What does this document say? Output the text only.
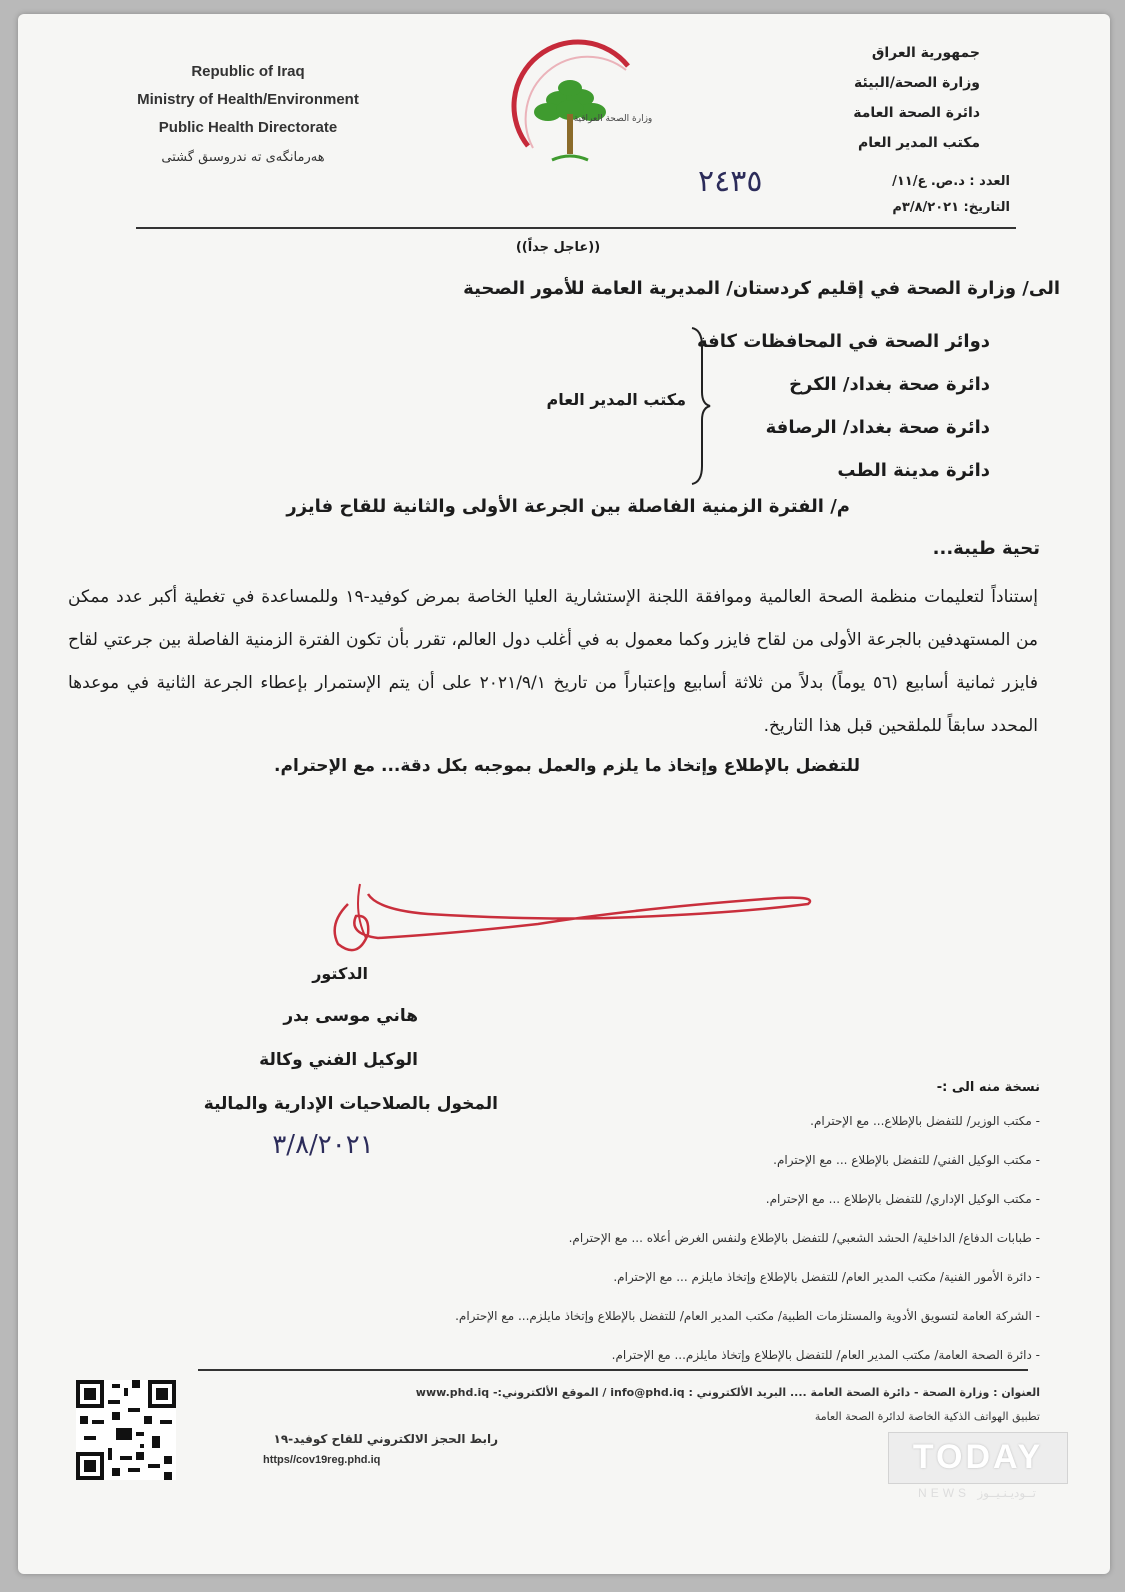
Republic of Iraq
Ministry of Health/Environment
Public Health Directorate
هەرمانگەی تە ندروسىق گشتى
وزارة الصحة العراقية
جمهورية العراق
وزارة الصحة/البيئة
دائرة الصحة العامة
مكتب المدير العام
٢٤٣٥	العدد : د.ص. ع/١١/
التاريخ: ٣/٨/٢٠٢١م
((عاجل جداً))
الى/ وزارة الصحة في إقليم كردستان/ المديرية العامة للأمور الصحية
دوائر الصحة في المحافظات كافة
دائرة صحة بغداد/ الكرخ
دائرة صحة بغداد/ الرصافة
دائرة مدينة الطب
مكتب المدير العام
م/ الفترة الزمنية الفاصلة بين الجرعة الأولى والثانية للقاح فايزر
تحية طيبة...
إستناداً لتعليمات منظمة الصحة العالمية وموافقة اللجنة الإستشارية العليا الخاصة بمرض كوفيد-١٩ وللمساعدة في تغطية أكبر عدد ممكن من المستهدفين بالجرعة الأولى من لقاح فايزر وكما معمول به في أغلب دول العالم، تقرر بأن تكون الفترة الزمنية الفاصلة بين جرعتي لقاح فايزر ثمانية أسابيع (٥٦ يوماً) بدلاً من ثلاثة أسابيع وإعتباراً من تاريخ ٢٠٢١/٩/١ على أن يتم الإستمرار بإعطاء الجرعة الثانية في موعدها المحدد سابقاً للملقحين قبل هذا التاريخ.
للتفضل بالإطلاع وإتخاذ ما يلزم والعمل بموجبه بكل دقة... مع الإحترام.
الدكتور
هاني موسى بدر
الوكيل الفني وكالة
المخول بالصلاحيات الإدارية والمالية
٣/٨/٢٠٢١
نسخة منه الى :-
- مكتب الوزير/ للتفضل بالإطلاع... مع الإحترام.
- مكتب الوكيل الفني/ للتفضل بالإطلاع ... مع الإحترام.
- مكتب الوكيل الإداري/ للتفضل بالإطلاع ... مع الإحترام.
- طبابات الدفاع/ الداخلية/ الحشد الشعبي/ للتفضل بالإطلاع ولنفس الغرض أعلاه ... مع الإحترام.
- دائرة الأمور الفنية/ مكتب المدير العام/ للتفضل بالإطلاع وإتخاذ مايلزم ... مع الإحترام.
- الشركة العامة لتسويق الأدوية والمستلزمات الطبية/ مكتب المدير العام/ للتفضل بالإطلاع وإتخاذ مايلزم... مع الإحترام.
- دائرة الصحة العامة/ مكتب المدير العام/ للتفضل بالإطلاع وإتخاذ مايلزم... مع الإحترام.
العنوان : وزارة الصحة - دائرة الصحة العامة .... البريد الألكتروني : info@phd.iq / الموقع الألكتروني:- www.phd.iq
تطبيق الهواتف الذكية الخاصة لدائرة الصحة العامة
رابط الحجز الالكتروني للقاح كوفيد-١٩
https//cov19reg.phd.iq	TODAY
NEWS تــوديـنـيــوز
